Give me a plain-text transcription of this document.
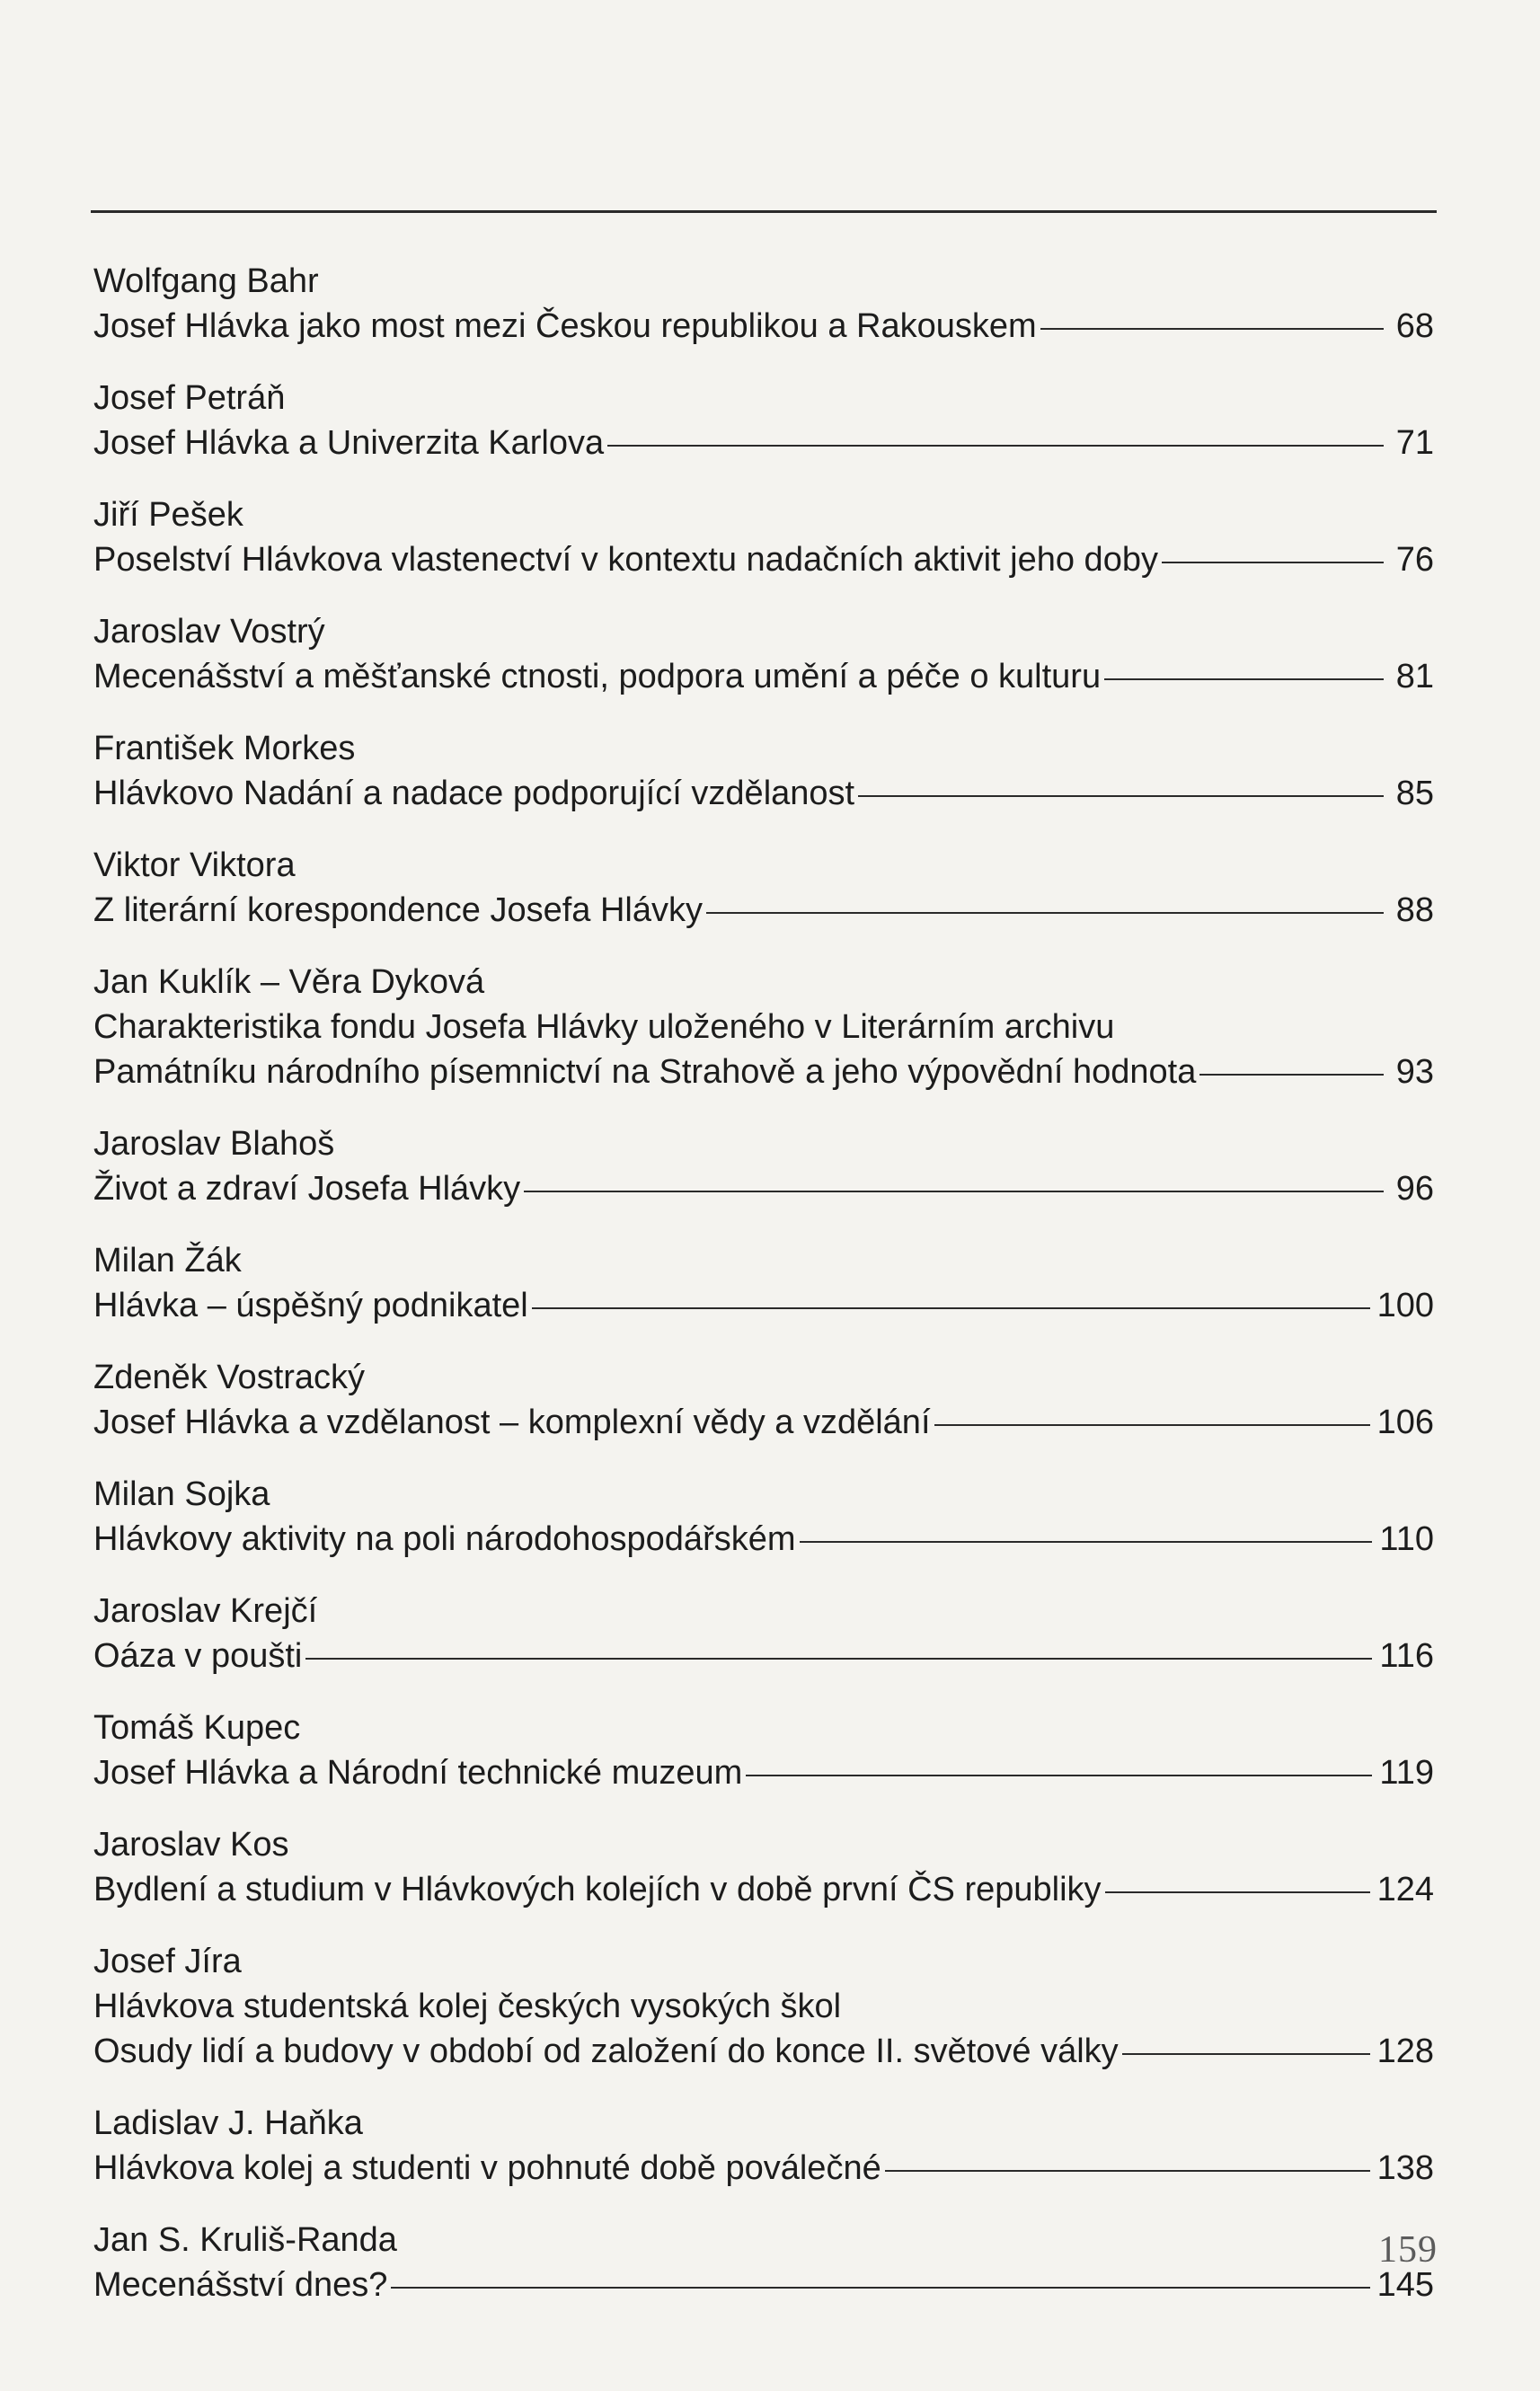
Wolfgang Bahr
Josef Hlávka jako most mezi Českou republikou a Rakouskem	68
Josef Petráň
Josef Hlávka a Univerzita Karlova	71
Jiří Pešek
Poselství Hlávkova vlastenectví v kontextu nadačních aktivit jeho doby	76
Jaroslav Vostrý
Mecenášství a měšťanské ctnosti, podpora umění a péče o kulturu	81
František Morkes
Hlávkovo Nadání a nadace podporující vzdělanost	85
Viktor Viktora
Z literární korespondence Josefa Hlávky	88
Jan Kuklík – Věra Dyková
Charakteristika fondu Josefa Hlávky uloženého v Literárním archivu
Památníku národního písemnictví na Strahově a jeho výpovědní hodnota	93
Jaroslav Blahoš
Život a zdraví Josefa Hlávky	96
Milan Žák
Hlávka – úspěšný podnikatel	100
Zdeněk Vostracký
Josef Hlávka a vzdělanost – komplexní vědy a vzdělání	106
Milan Sojka
Hlávkovy aktivity na poli národohospodářském	110
Jaroslav Krejčí
Oáza v poušti	116
Tomáš Kupec
Josef Hlávka a Národní technické muzeum	119
Jaroslav Kos
Bydlení a studium v Hlávkových kolejích v době první ČS republiky	124
Josef Jíra
Hlávkova studentská kolej českých vysokých škol
Osudy lidí a budovy v období od založení do konce II. světové války	128
Ladislav J. Haňka
Hlávkova kolej a studenti v pohnuté době poválečné	138
Jan S. Kruliš-Randa
Mecenášství dnes?	145
159
